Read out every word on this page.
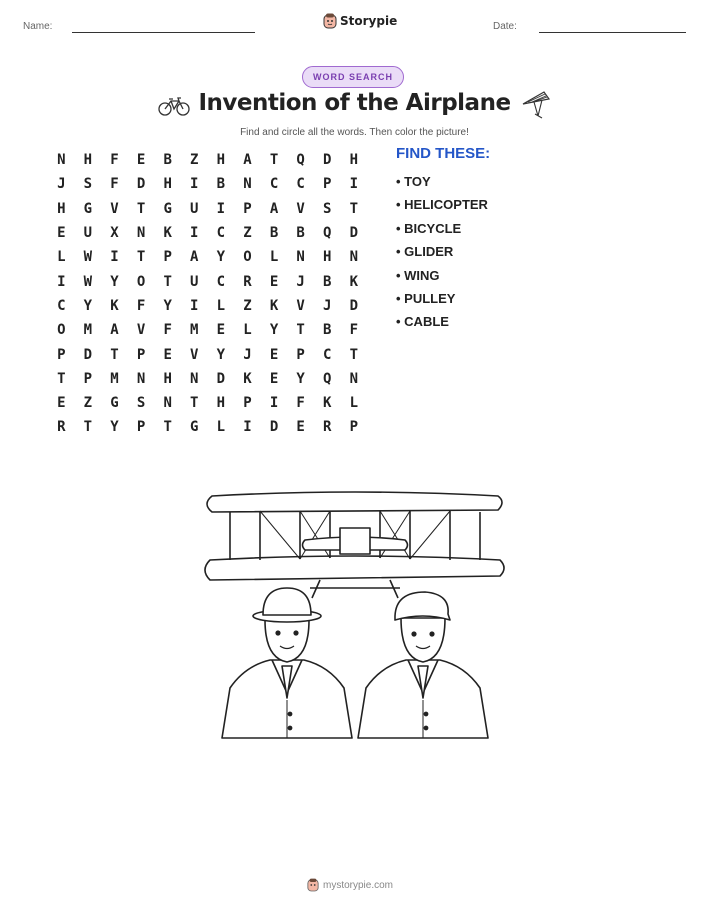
Name:	Storypie	Date:
WORD SEARCH
Invention of the Airplane
Find and circle all the words. Then color the picture!
N	H	F	E	B	Z	H	A	T	Q	D	H
J	S	F	D	H	I	B	N	C	C	P	I
H	G	V	T	G	U	I	P	A	V	S	T
E	U	X	N	K	I	C	Z	B	B	Q	D
L	W	I	T	P	A	Y	O	L	N	H	N
I	W	Y	O	T	U	C	R	E	J	B	K
C	Y	K	F	Y	I	L	Z	K	V	J	D
O	M	A	V	F	M	E	L	Y	T	B	F
P	D	T	P	E	V	Y	J	E	P	C	T
T	P	M	N	H	N	D	K	E	Y	Q	N
E	Z	G	S	N	T	H	P	I	F	K	L
R	T	Y	P	T	G	L	I	D	E	R	P
FIND THESE:
• TOY
• HELICOPTER
• BICYCLE
• GLIDER
• WING
• PULLEY
• CABLE
mystorypie.com
